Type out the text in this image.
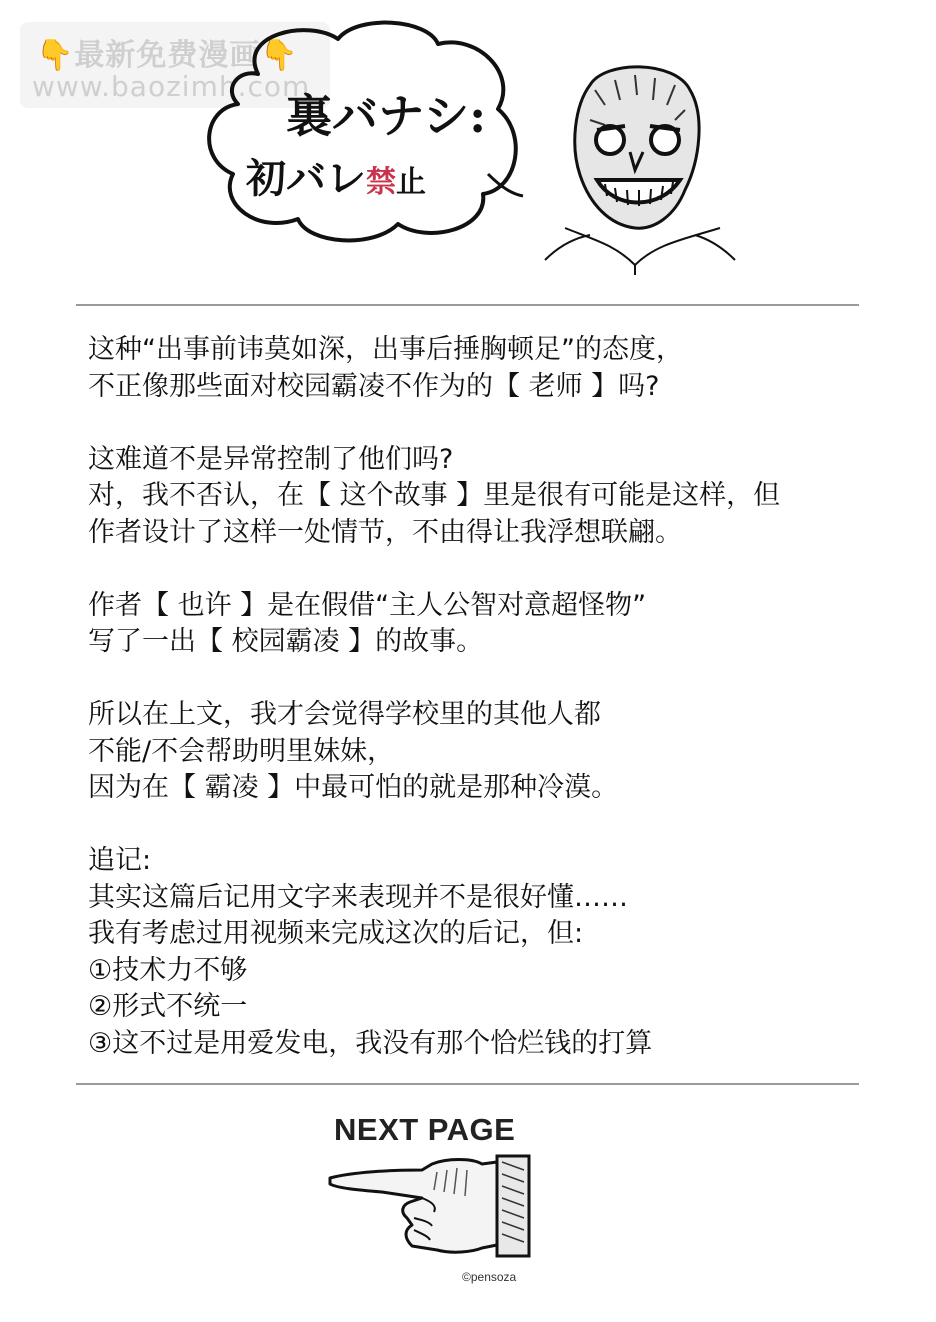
👇最新免费漫画👇
www.baozimh.com
裏バナシ:
初バレ禁止
这种“出事前讳莫如深，出事后捶胸顿足”的态度，
不正像那些面对校园霸凌不作为的【 老师 】吗?
这难道不是异常控制了他们吗?
对，我不否认，在【 这个故事 】里是很有可能是这样，但
作者设计了这样一处情节，不由得让我浮想联翩。
作者【 也许 】是在假借“主人公智对意超怪物”
写了一出【 校园霸凌 】的故事。
所以在上文，我才会觉得学校里的其他人都
不能/不会帮助明里妹妹，
因为在【 霸凌 】中最可怕的就是那种冷漠。
追记:
其实这篇后记用文字来表现并不是很好懂……
我有考虑过用视频来完成这次的后记，但:
①技术力不够
②形式不统一
③这不过是用爱发电，我没有那个恰烂钱的打算
NEXT PAGE
©pensoza
